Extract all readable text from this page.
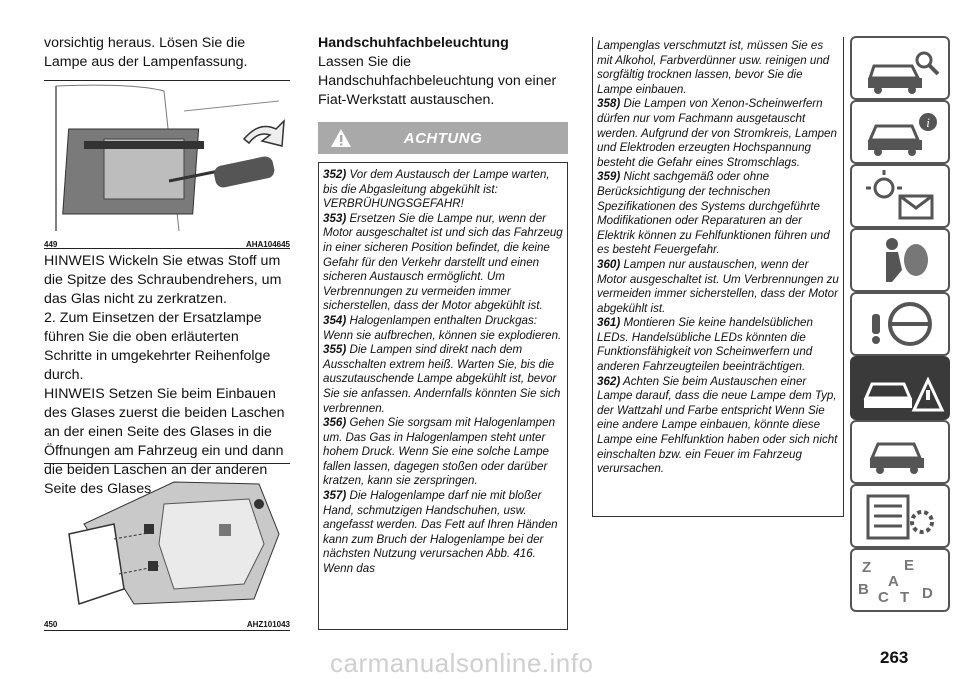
vorsichtig heraus. Lösen Sie die Lampe aus der Lampenfassung.

449	AHA104645

HINWEIS Wickeln Sie etwas Stoff um die Spitze des Schraubendrehers, um das Glas nicht zu zerkratzen.

2. Zum Einsetzen der Ersatzlampe führen Sie die oben erläuterten Schritte in umgekehrter Reihenfolge durch.

HINWEIS Setzen Sie beim Einbauen des Glases zuerst die beiden Laschen an der einen Seite des Glases in die Öffnungen am Fahrzeug ein und dann die beiden Laschen an der anderen Seite des Glases.

450	AHZ101043

Handschuhfachbeleuchtung

Lassen Sie die Handschuhfachbeleuchtung von einer Fiat-Werkstatt austauschen.

ACHTUNG

352) Vor dem Austausch der Lampe warten, bis die Abgasleitung abgekühlt ist: VERBRÜHUNGSGEFAHR!

353) Ersetzen Sie die Lampe nur, wenn der Motor ausgeschaltet ist und sich das Fahrzeug in einer sicheren Position befindet, die keine Gefahr für den Verkehr darstellt und einen sicheren Austausch ermöglicht. Um Verbrennungen zu vermeiden immer sicherstellen, dass der Motor abgekühlt ist.

354) Halogenlampen enthalten Druckgas: Wenn sie aufbrechen, können sie explodieren.

355) Die Lampen sind direkt nach dem Ausschalten extrem heiß. Warten Sie, bis die auszutauschende Lampe abgekühlt ist, bevor Sie sie anfassen. Andernfalls könnten Sie sich verbrennen.

356) Gehen Sie sorgsam mit Halogenlampen um. Das Gas in Halogenlampen steht unter hohem Druck. Wenn Sie eine solche Lampe fallen lassen, dagegen stoßen oder darüber kratzen, kann sie zerspringen.

357) Die Halogenlampe darf nie mit bloßer Hand, schmutzigen Handschuhen, usw. angefasst werden. Das Fett auf Ihren Händen kann zum Bruch der Halogenlampe bei der nächsten Nutzung verursachen Abb. 416. Wenn das

Lampenglas verschmutzt ist, müssen Sie es mit Alkohol, Farbverdünner usw. reinigen und sorgfältig trocknen lassen, bevor Sie die Lampe einbauen.

358) Die Lampen von Xenon-Scheinwerfern dürfen nur vom Fachmann ausgetauscht werden. Aufgrund der von Stromkreis, Lampen und Elektroden erzeugten Hochspannung besteht die Gefahr eines Stromschlags.

359) Nicht sachgemäß oder ohne Berücksichtigung der technischen Spezifikationen des Systems durchgeführte Modifikationen oder Reparaturen an der Elektrik können zu Fehlfunktionen führen und es besteht Feuergefahr.

360) Lampen nur austauschen, wenn der Motor ausgeschaltet ist. Um Verbrennungen zu vermeiden immer sicherstellen, dass der Motor abgekühlt ist.

361) Montieren Sie keine handelsüblichen LEDs. Handelsübliche LEDs könnten die Funktionsfähigkeit von Scheinwerfern und anderen Fahrzeugteilen beeinträchtigen.

362) Achten Sie beim Austauschen einer Lampe darauf, dass die neue Lampe dem Typ, der Wattzahl und Farbe entspricht Wenn Sie eine andere Lampe einbauen, könnte diese Lampe eine Fehlfunktion haben oder sich nicht einschalten bzw. ein Feuer im Fahrzeug verursachen.

i
Z E
B A
C T D
263
carmanualsonline.info
